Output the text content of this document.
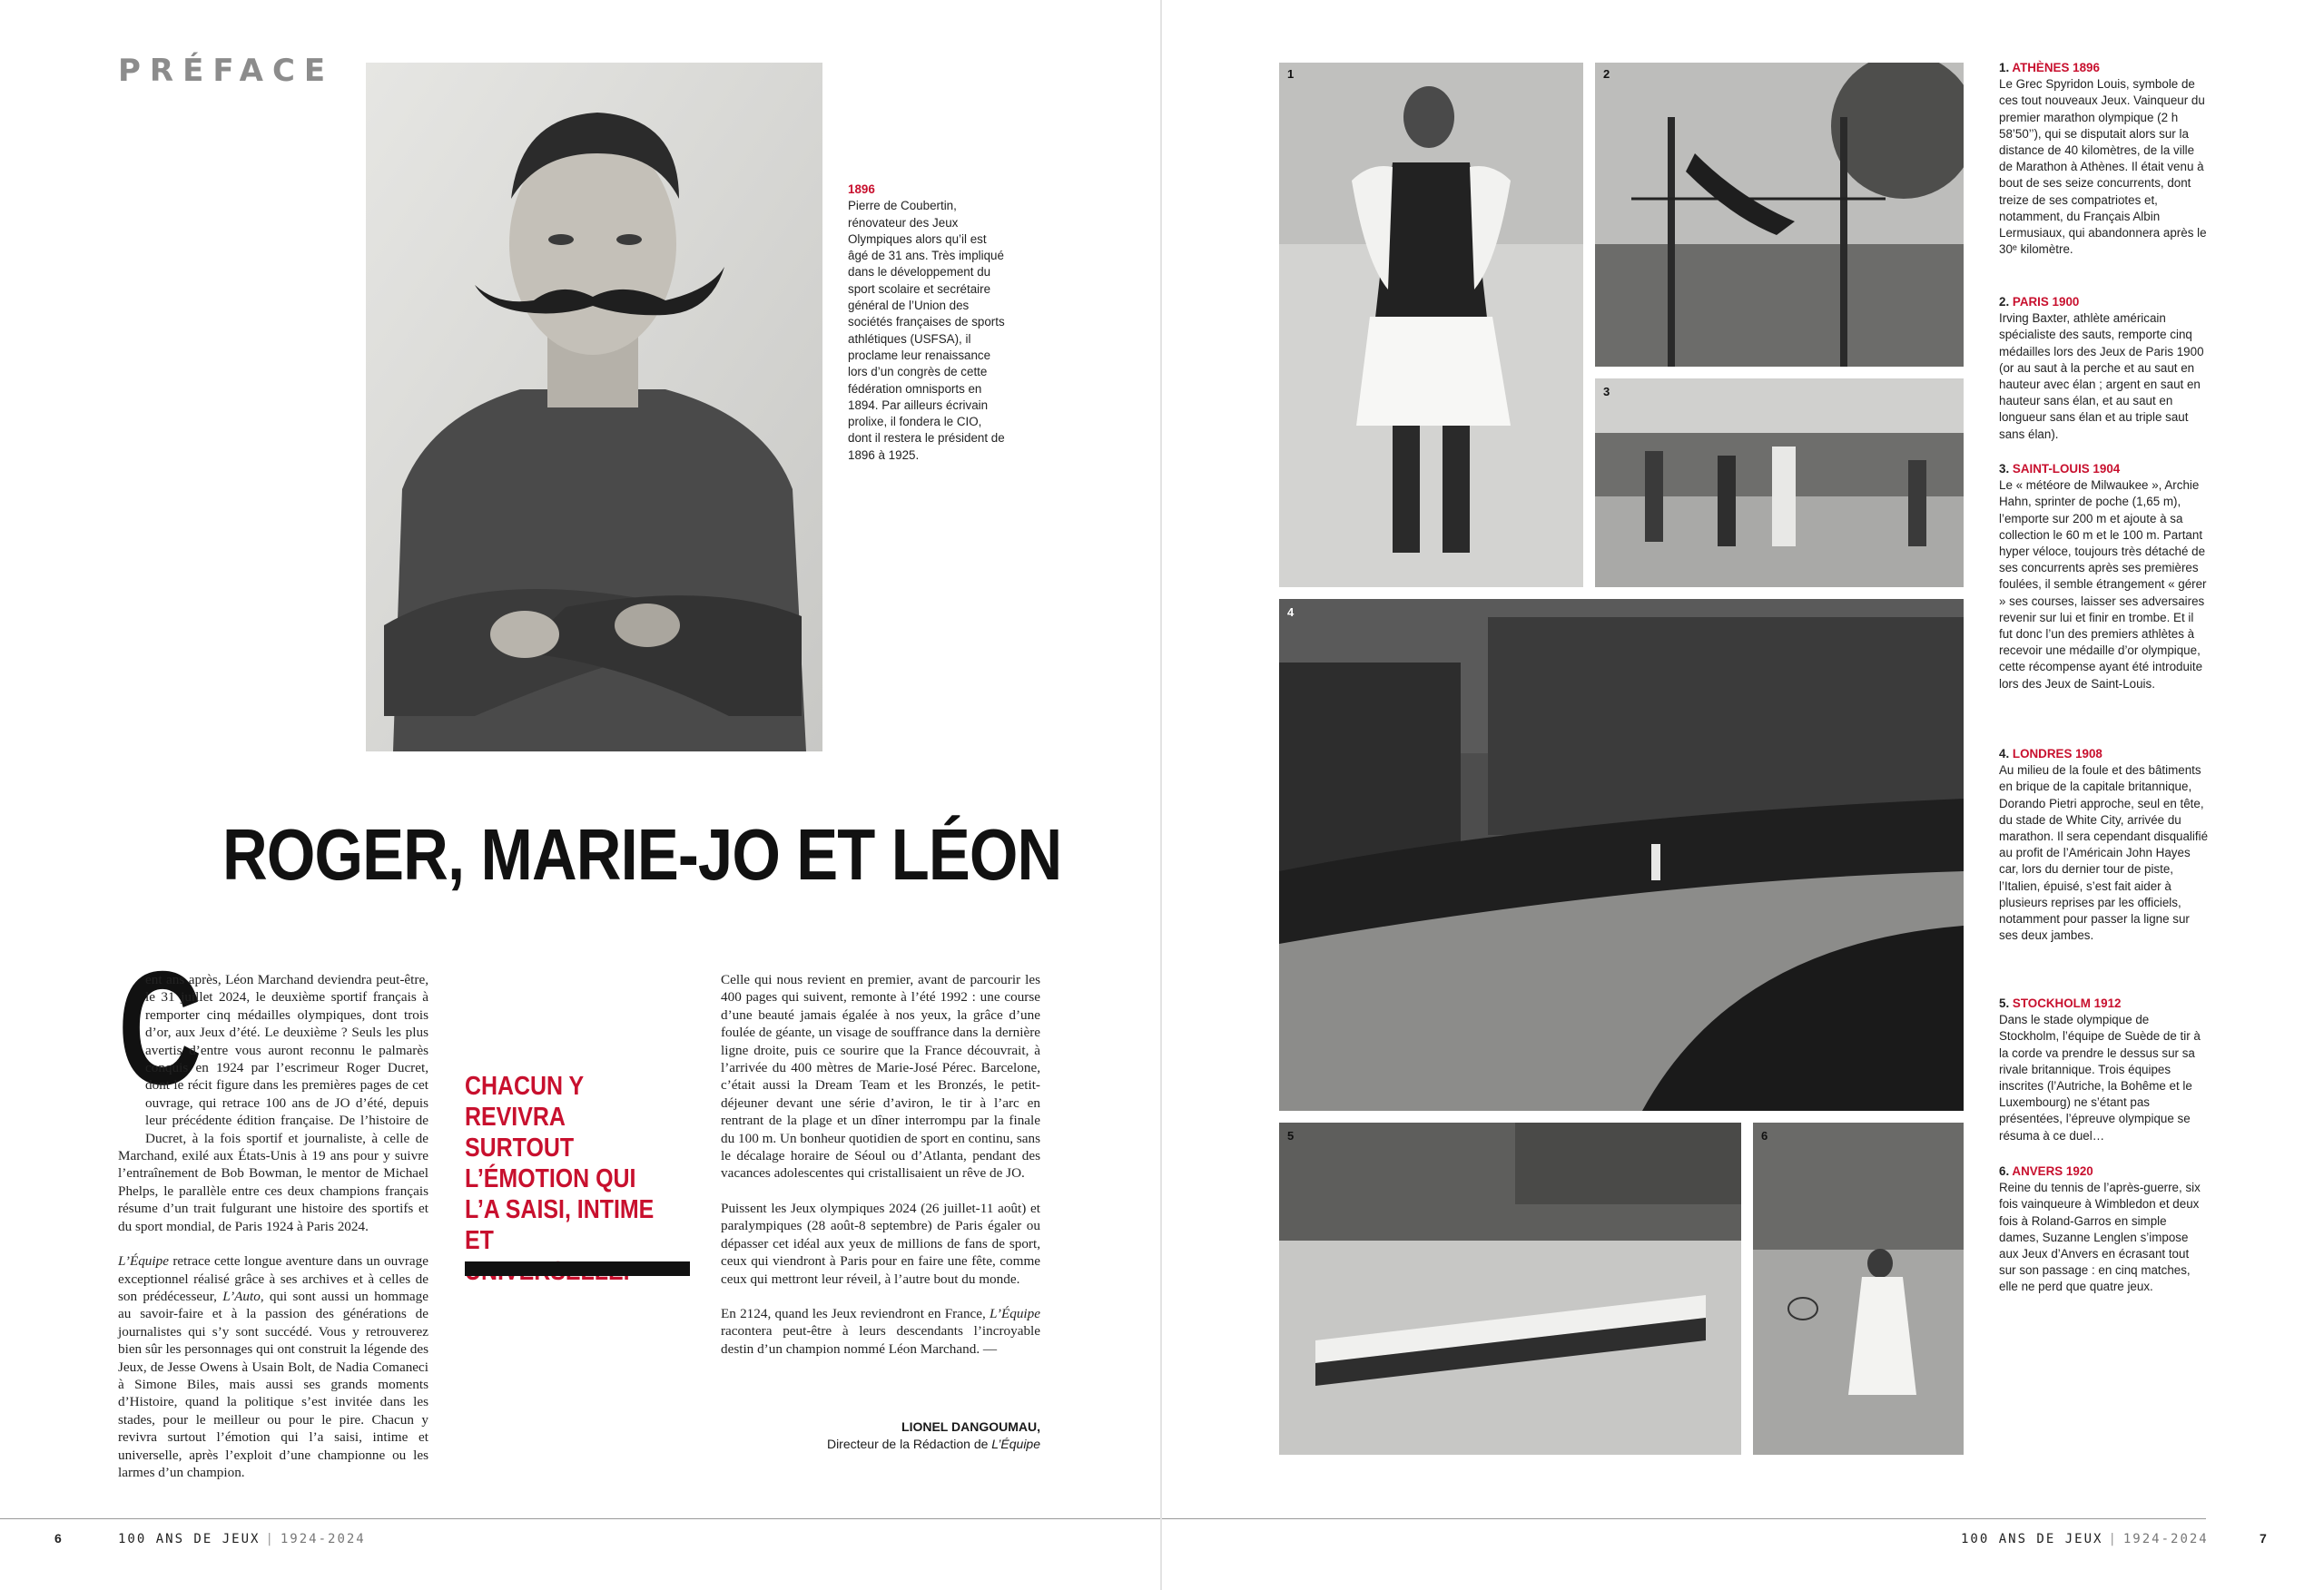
PRÉFACE
1896
Pierre de Coubertin, rénovateur des Jeux Olympiques alors qu’il est âgé de 31 ans. Très impliqué dans le développement du sport scolaire et secrétaire général de l’Union des sociétés françaises de sports athlétiques (USFSA), il proclame leur renaissance lors d’un congrès de cette fédération omnisports en 1894. Par ailleurs écrivain prolixe, il fondera le CIO, dont il restera le président de 1896 à 1925.
ROGER, MARIE-JO ET LÉON
C
ent ans après, Léon Marchand deviendra peut-être, le 31 juillet 2024, le deuxième sportif français à remporter cinq médailles olympiques, dont trois d’or, aux Jeux d’été. Le deuxième ? Seuls les plus avertis d’entre vous auront reconnu le palmarès conquis en 1924 par l’escrimeur Roger Ducret, dont le récit figure dans les premières pages de cet ouvrage, qui retrace 100 ans de JO d’été, depuis leur précédente édition française. De l’histoire de Ducret, à la fois sportif et journaliste, à celle de Marchand, exilé aux États-Unis à 19 ans pour y suivre l’entraînement de Bob Bowman, le mentor de Michael Phelps, le parallèle entre ces deux champions français résume d’un trait fulgurant une histoire des sportifs et du sport mondial, de Paris 1924 à Paris 2024.
L’Équipe retrace cette longue aventure dans un ouvrage exceptionnel réalisé grâce à ses archives et à celles de son prédécesseur, L’Auto, qui sont aussi un hommage au savoir-faire et à la passion des générations de journalistes qui s’y sont succédé. Vous y retrouverez bien sûr les personnages qui ont construit la légende des Jeux, de Jesse Owens à Usain Bolt, de Nadia Comaneci à Simone Biles, mais aussi ses grands moments d’Histoire, quand la politique s’est invitée dans les stades, pour le meilleur ou pour le pire. Chacun y revivra surtout l’émotion qui l’a saisi, intime et universelle, après l’exploit d’une championne ou les larmes d’un champion.
CHACUN Y REVIVRA SURTOUT L’ÉMOTION QUI L’A SAISI, INTIME ET
Celle qui nous revient en premier, avant de parcourir les 400 pages qui suivent, remonte à l’été 1992 : une course d’une beauté jamais égalée à nos yeux, la grâce d’une foulée de géante, un visage de souffrance dans la dernière ligne droite, puis ce sourire que la France découvrait, à l’arrivée du 400 mètres de Marie-José Pérec. Barcelone, c’était aussi la Dream Team et les Bronzés, le petit-déjeuner devant une série d’aviron, le tir à l’arc en rentrant de la plage et un dîner interrompu par la finale du 100 m. Un bonheur quotidien de sport en continu, sans le décalage horaire de Séoul ou d’Atlanta, pendant des vacances adolescentes qui cristallisaient un rêve de JO.
Puissent les Jeux olympiques 2024 (26 juillet-11 août) et paralympiques (28 août-8 septembre) de Paris égaler ou dépasser cet idéal aux yeux de millions de fans de sport, ceux qui viendront à Paris pour en faire une fête, comme ceux qui mettront leur réveil, à l’autre bout du monde.
En 2124, quand les Jeux reviendront en France, L’Équipe racontera peut-être à leurs descendants l’incroyable destin d’un champion nommé Léon Marchand. —
LIONEL DANGOUMAU,
Directeur de la Rédaction de L’Équipe
6	100 ANS DE JEUX | 1924-2024
1	2
3
4
5	6
1. ATHÈNES 1896
Le Grec Spyridon Louis, symbole de ces tout nouveaux Jeux. Vainqueur du premier marathon olympique (2 h 58’50’’), qui se disputait alors sur la distance de 40 kilomètres, de la ville de Marathon à Athènes. Il était venu à bout de ses seize concurrents, dont treize de ses compatriotes et, notamment, du Français Albin Lermusiaux, qui abandonnera après le 30ᵉ kilomètre.
2. PARIS 1900
Irving Baxter, athlète américain spécialiste des sauts, remporte cinq médailles lors des Jeux de Paris 1900 (or au saut à la perche et au saut en hauteur avec élan ; argent en saut en hauteur sans élan, et au saut en longueur sans élan et au triple saut sans élan).
3. SAINT-LOUIS 1904
Le « météore de Milwaukee », Archie Hahn, sprinter de poche (1,65 m), l’emporte sur 200 m et ajoute à sa collection le 60 m et le 100 m. Partant hyper véloce, toujours très détaché de ses concurrents après ses premières foulées, il semble étrangement « gérer » ses courses, laisser ses adversaires revenir sur lui et finir en trombe. Et il fut donc l’un des premiers athlètes à recevoir une médaille d’or olympique, cette récompense ayant été introduite lors des Jeux de Saint-Louis.
4. LONDRES 1908
Au milieu de la foule et des bâtiments en brique de la capitale britannique, Dorando Pietri approche, seul en tête, du stade de White City, arrivée du marathon. Il sera cependant disqualifié au profit de l’Américain John Hayes car, lors du dernier tour de piste, l’Italien, épuisé, s’est fait aider à plusieurs reprises par les officiels, notamment pour passer la ligne sur ses deux jambes.
5. STOCKHOLM 1912
Dans le stade olympique de Stockholm, l’équipe de Suède de tir à la corde va prendre le dessus sur sa rivale britannique. Trois équipes inscrites (l’Autriche, la Bohême et le Luxembourg) ne s’étant pas présentées, l’épreuve olympique se résuma à ce duel…
6. ANVERS 1920
Reine du tennis de l’après-guerre, six fois vainqueure à Wimbledon et deux fois à Roland-Garros en simple dames, Suzanne Lenglen s’impose aux Jeux d’Anvers en écrasant tout sur son passage : en cinq matches, elle ne perd que quatre jeux.
100 ANS DE JEUX | 1924-2024	7
